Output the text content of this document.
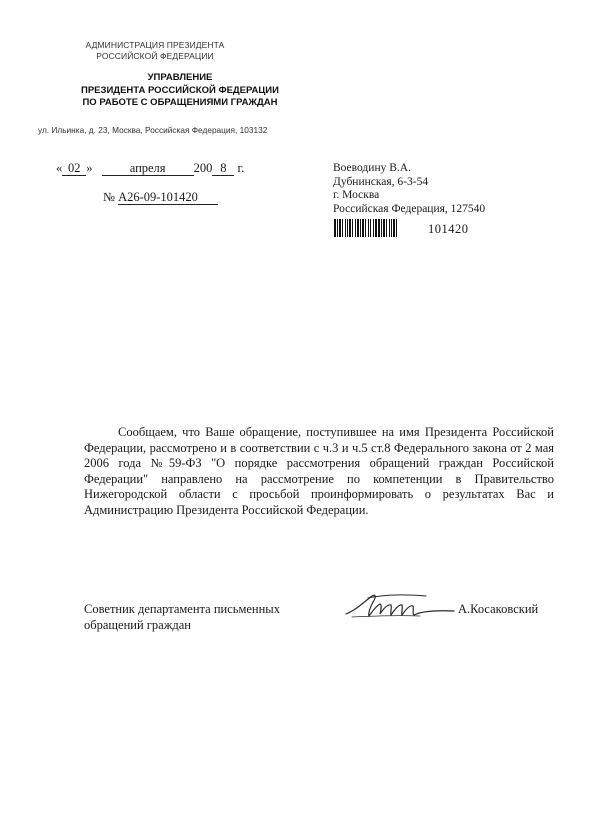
АДМИНИСТРАЦИЯ ПРЕЗИДЕНТА
РОССИЙСКОЙ ФЕДЕРАЦИИ
УПРАВЛЕНИЕ
ПРЕЗИДЕНТА РОССИЙСКОЙ ФЕДЕРАЦИИ
ПО РАБОТЕ С ОБРАЩЕНИЯМИ ГРАЖДАН
ул. Ильинка, д. 23, Москва, Российская Федерация, 103132
« 02 »	апреля 200 8 г.
№ А26-09-101420
Воеводину В.А.
Дубнинская, 6-3-54
г. Москва
Российская Федерация, 127540
101420

Сообщаем, что Ваше обращение, поступившее на имя Президента Российской Федерации, рассмотрено и в соответствии с ч.3 и ч.5 ст.8 Федерального закона от 2 мая 2006 года №59-ФЗ "О порядке рассмотрения обращений граждан Российской Федерации" направлено на рассмотрение по компетенции в Правительство Нижегородской области с просьбой проинформировать о результатах Вас и Администрацию Президента Российской Федерации.

Советник департамента письменных
обращений граждан
А.Косаковский
